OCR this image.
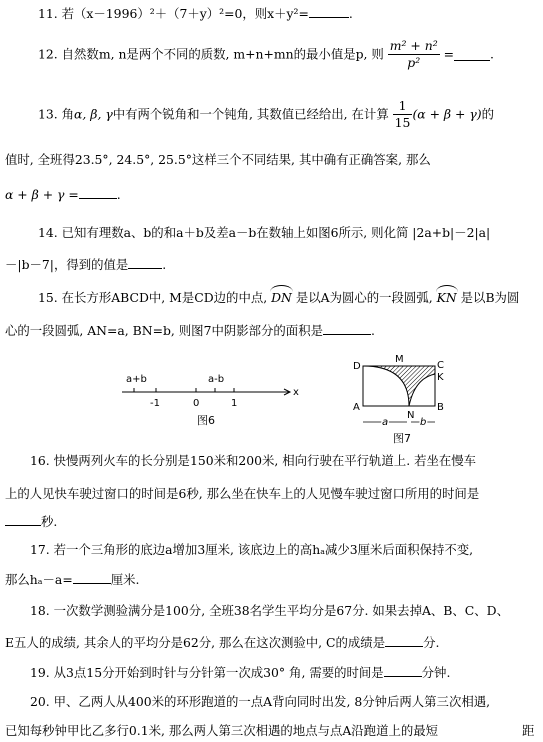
11. 若（x－1996）²＋（7＋y）²=0，则x＋y²=	.
12. 自然数m, n是两个不同的质数, m+n+mn的最小值是p, 则 $\frac{\text{m² + n²}}{\text{p²}}$ =	.
13. 角α, β, γ中有两个锐角和一个钝角, 其数值已经给出, 在计算 $\frac{1}{15} (\alpha + \beta + \gamma)$的
值时, 全班得23.5°, 24.5°, 25.5°这样三个不同结果, 其中确有正确答案, 那么
α + β + γ =	.
14. 已知有理数a、b的和a＋b及差a－b在数轴上如图6所示, 则化简 |2a+b|－2|a|
－|b－7|，得到的值是	.
15. 在长方形ABCD中, M是CD边的中点, DN 是以A为圆心的一段圆弧, KN 是以B为圆
心的一段圆弧, AN=a, BN=b, 则图7中阴影部分的面积是	.
a+b	a-b
-1	0	1
x
图6
D
M
C
K
A
N
B
a	b
图7
16. 快慢两列火车的长分别是150米和200米, 相向行驶在平行轨道上. 若坐在慢车
上的人见快车驶过窗口的时间是6秒, 那么坐在快车上的人见慢车驶过窗口所用的时间是
秒.
17. 若一个三角形的底边a增加3厘米, 该底边上的高hₐ减少3厘米后面积保持不变,
那么hₐ－a=	厘米.
18. 一次数学测验满分是100分, 全班38名学生平均分是67分. 如果去掉A、B、C、D、
E五人的成绩, 其余人的平均分是62分, 那么在这次测验中, C的成绩是	分.
19. 从3点15分开始到时针与分针第一次成30° 角, 需要的时间是	分钟.
20. 甲、乙两人从400米的环形跑道的一点A背向同时出发, 8分钟后两人第三次相遇,
已知每秒钟甲比乙多行0.1米, 那么两人第三次相遇的地点与点A沿跑道上的最短	距
